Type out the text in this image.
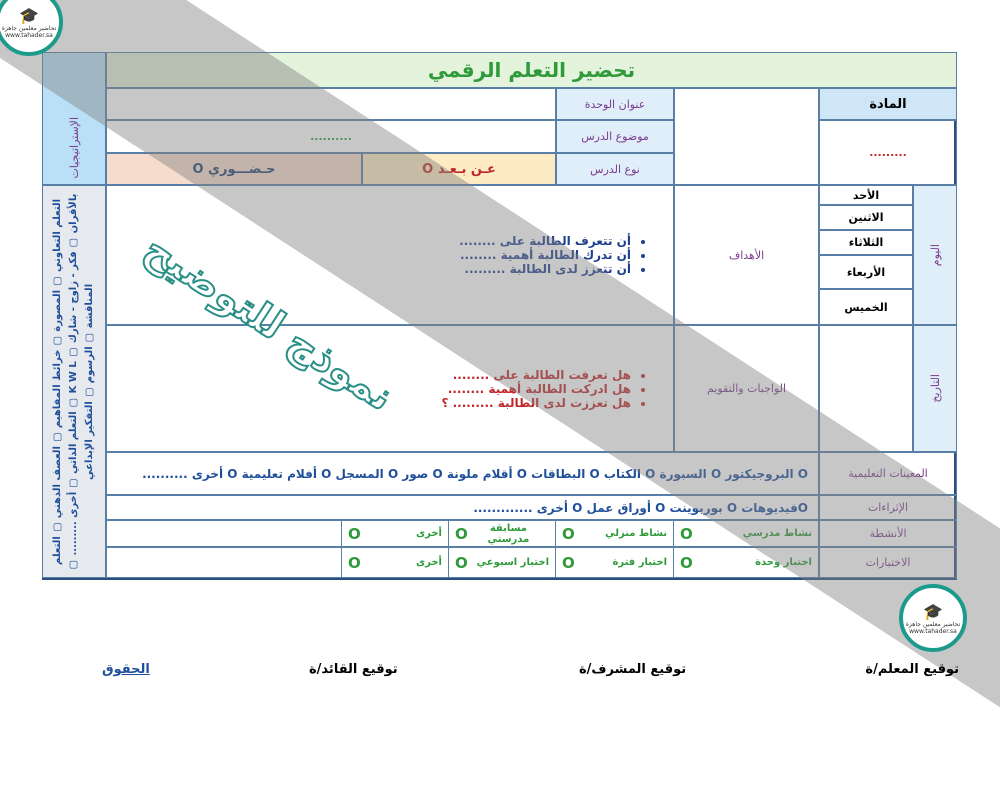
تحضير التعلم الرقمي
المادة
.........
عنوان الوحدة
موضوع الدرس
نوع الدرس
..........
عـن بـعـد O
حـضـــوري O
الإستراتيجيات
التعلم التعاوني ▢ المصورة ▢ خرائط المفاهيم ▢ العصف الذهني ▢ التعلم بالأقران ▢ فكر - زاوج - شارك ▢ K W L ▢ التعلم الذاتي ▢ أخرى ......... ▢ المناقشة ▢ الرسوم ▢ التفكير الإبداعي
اليوم
الأحد
الاثنين
الثلاثاء
الأربعاء
الخميس
التاريخ
الأهداف
• أن تتعرف الطالبة على ........
• أن تدرك الطالبة أهمية ........
• أن تتعزز لدى الطالبة .........
الواجبات والتقويم
• هل تعرفت الطالبة على ........
• هل ادركت الطالبة أهمية ........
• هل تعززت لدى الطالبة ......... ؟
المعينات التعليمية
O البروجيكتور O السبورة O الكتاب O البطاقات O أقلام ملونة O صور O المسجل O أفلام تعليمية O أخرى ..........
الإثراءات
Oفيديوهات O بوربوينت O أوراق عمل O أخرى .............
الأنشطة
نشاط مدرسي
O
نشاط منزلي
O
مسابقة مدرستي
O
أخرى
O
الاختبارات
اختبار وحدة
O
اختبار فترة
O
اختبار اسبوعي
O
أخرى
O
نموذج للتوضيح
🎓
تحاضير معلمين جاهزة
www.tahader.sa
🎓
تحاضير معلمين جاهزة
www.tahader.sa
توقيع المعلم/ة
توقيع المشرف/ة
توقيع القائد/ة
الحقوق
